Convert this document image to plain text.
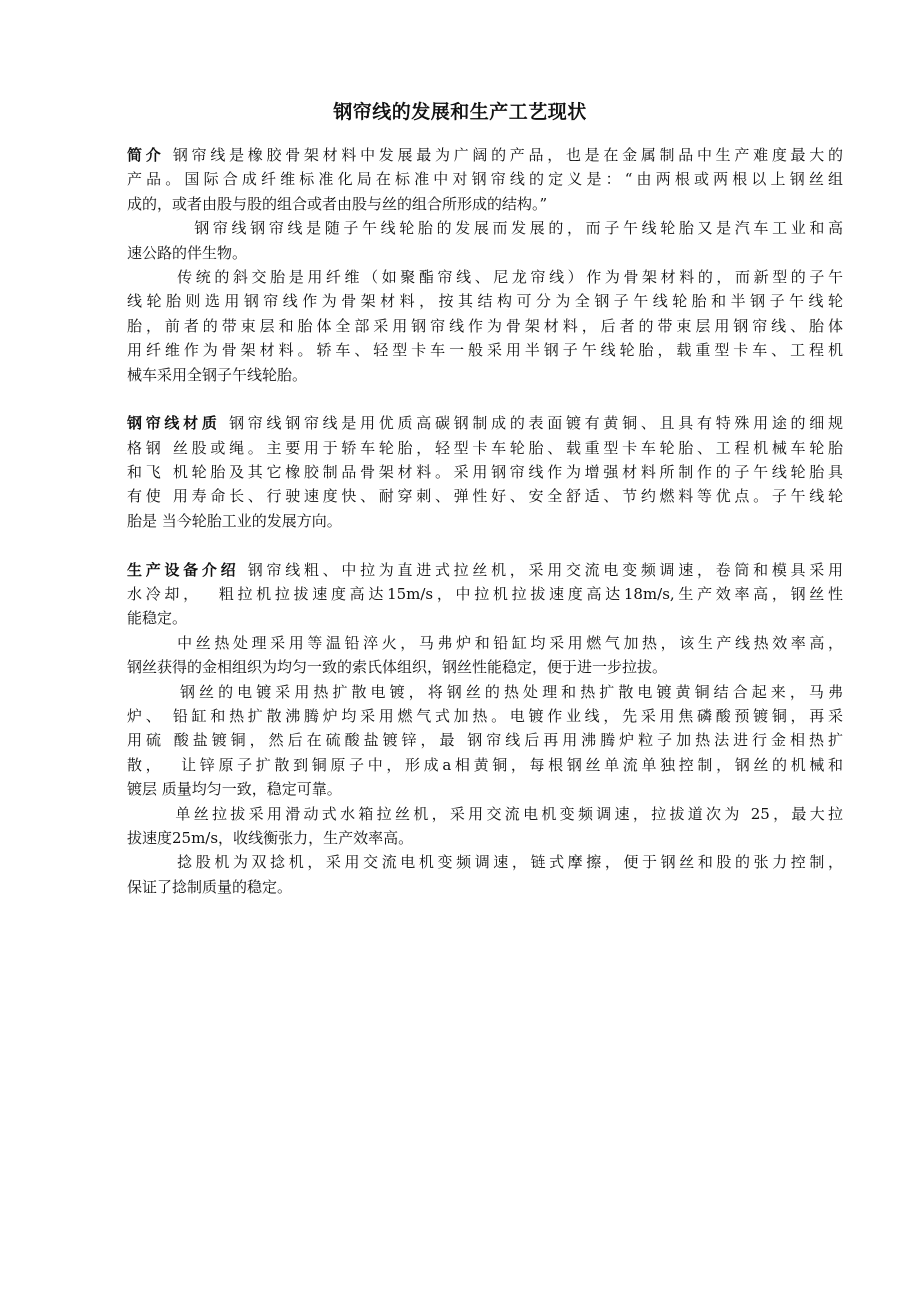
钢帘线的发展和生产工艺现状
简介 钢帘线是橡胶骨架材料中发展最为广阔的产品，也是在金属制品中生产难度最大的
产品。国际合成纤维标准化局在标准中对钢帘线的定义是：“由两根或两根以上钢丝组
成的，或者由股与股的组合或者由股与丝的组合所形成的结构。”
钢帘线钢帘线是随子午线轮胎的发展而发展的，而子午线轮胎又是汽车工业和高
速公路的伴生物。
传统的斜交胎是用纤维（如聚酯帘线、尼龙帘线）作为骨架材料的，而新型的子午
线轮胎则选用钢帘线作为骨架材料，按其结构可分为全钢子午线轮胎和半钢子午线轮
胎，前者的带束层和胎体全部采用钢帘线作为骨架材料，后者的带束层用钢帘线、胎体
用纤维作为骨架材料。轿车、轻型卡车一般采用半钢子午线轮胎，载重型卡车、工程机
械车采用全钢子午线轮胎。
钢帘线材质 钢帘线钢帘线是用优质高碳钢制成的表面镀有黄铜、且具有特殊用途的细规
格钢 丝股或绳。主要用于轿车轮胎，轻型卡车轮胎、载重型卡车轮胎、工程机械车轮胎
和飞 机轮胎及其它橡胶制品骨架材料。采用钢帘线作为增强材料所制作的子午线轮胎具
有使 用寿命长、行驶速度快、耐穿刺、弹性好、安全舒适、节约燃料等优点。子午线轮
胎是 当今轮胎工业的发展方向。
生产设备介绍 钢帘线粗、中拉为直进式拉丝机，采用交流电变频调速，卷筒和模具采用
水冷却，  粗拉机拉拔速度高达15m/s，中拉机拉拔速度高达18m/s,生产效率高，钢丝性
能稳定。
中丝热处理采用等温铅淬火，马弗炉和铅缸均采用燃气加热，该生产线热效率高，
钢丝获得的金相组织为均匀一致的索氏体组织，钢丝性能稳定，便于进一步拉拔。
钢丝的电镀采用热扩散电镀，将钢丝的热处理和热扩散电镀黄铜结合起来，马弗
炉、 铅缸和热扩散沸腾炉均采用燃气式加热。电镀作业线，先采用焦磷酸预镀铜，再采
用硫 酸盐镀铜，然后在硫酸盐镀锌，最 钢帘线后再用沸腾炉粒子加热法进行金相热扩
散，  让锌原子扩散到铜原子中，形成a相黄铜，每根钢丝单流单独控制，钢丝的机械和
镀层 质量均匀一致，稳定可靠。
单丝拉拔采用滑动式水箱拉丝机，采用交流电机变频调速，拉拔道次为 25，最大拉
拔速度25m/s，收线衡张力，生产效率高。
捻股机为双捻机，采用交流电机变频调速，链式摩擦，便于钢丝和股的张力控制，
保证了捻制质量的稳定。
